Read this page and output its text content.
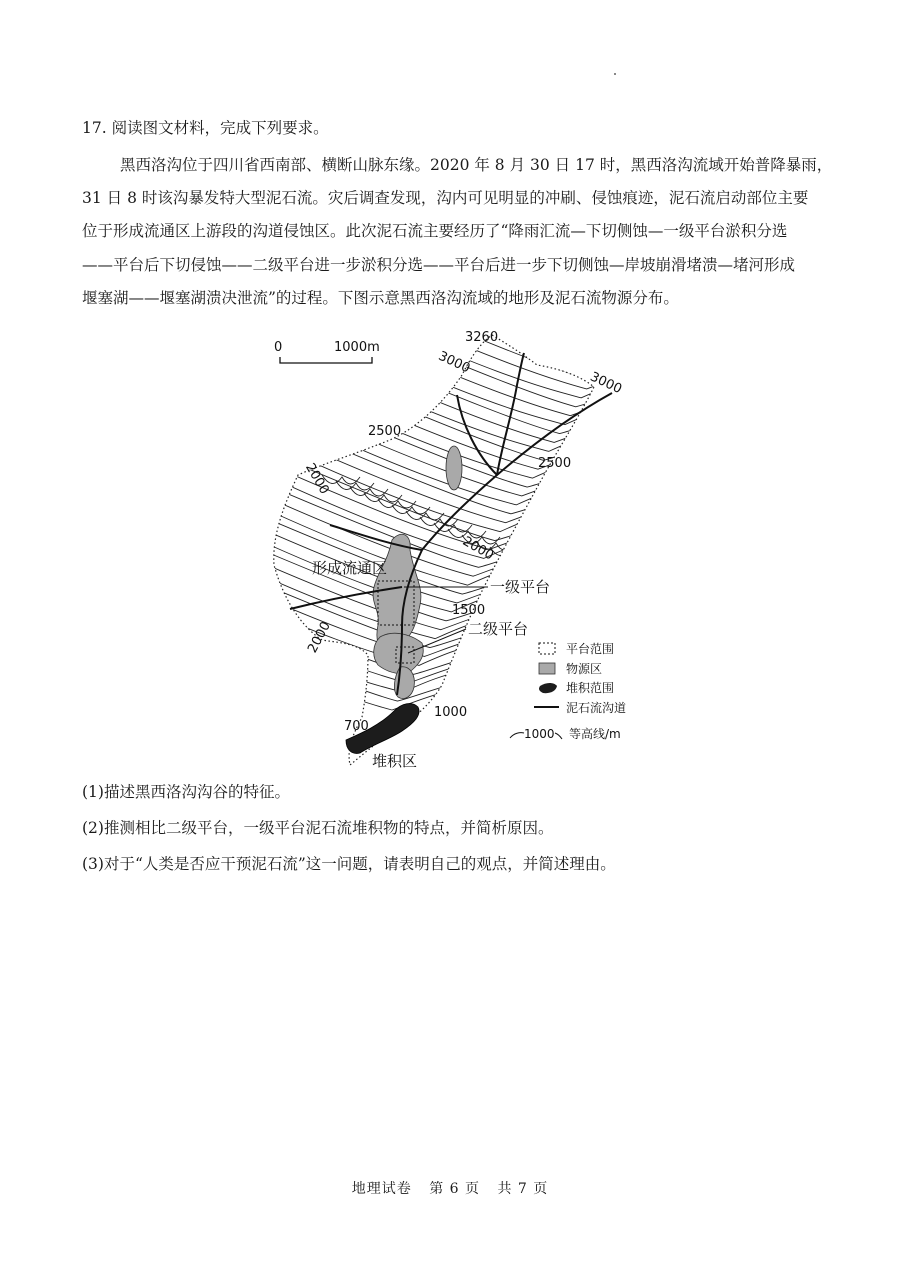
17. 阅读图文材料，完成下列要求。
黑西洛沟位于四川省西南部、横断山脉东缘。2020 年 8 月 30 日 17 时，黑西洛沟流域开始普降暴雨，
31 日 8 时该沟暴发特大型泥石流。灾后调查发现，沟内可见明显的冲刷、侵蚀痕迹，泥石流启动部位主要
位于形成流通区上游段的沟道侵蚀区。此次泥石流主要经历了“降雨汇流—下切侧蚀—一级平台淤积分选
——平台后下切侵蚀——二级平台进一步淤积分选——平台后进一步下切侧蚀—岸坡崩滑堵溃—堵河形成
堰塞湖——堰塞湖溃决泄流”的过程。下图示意黑西洛沟流域的地形及泥石流物源分布。
0	1000m
3260
3000
3000
2500
2500
2000
2000
1500
2000
1000
700
形成流通区
一级平台
二级平台
堆积区
平台范围
物源区
堆积范围
泥石流沟道
1000 等高线/m
(1)描述黑西洛沟沟谷的特征。
(2)推测相比二级平台，一级平台泥石流堆积物的特点，并简析原因。
(3)对于“人类是否应干预泥石流”这一问题，请表明自己的观点，并简述理由。
地理试卷 第 6 页 共 7 页
